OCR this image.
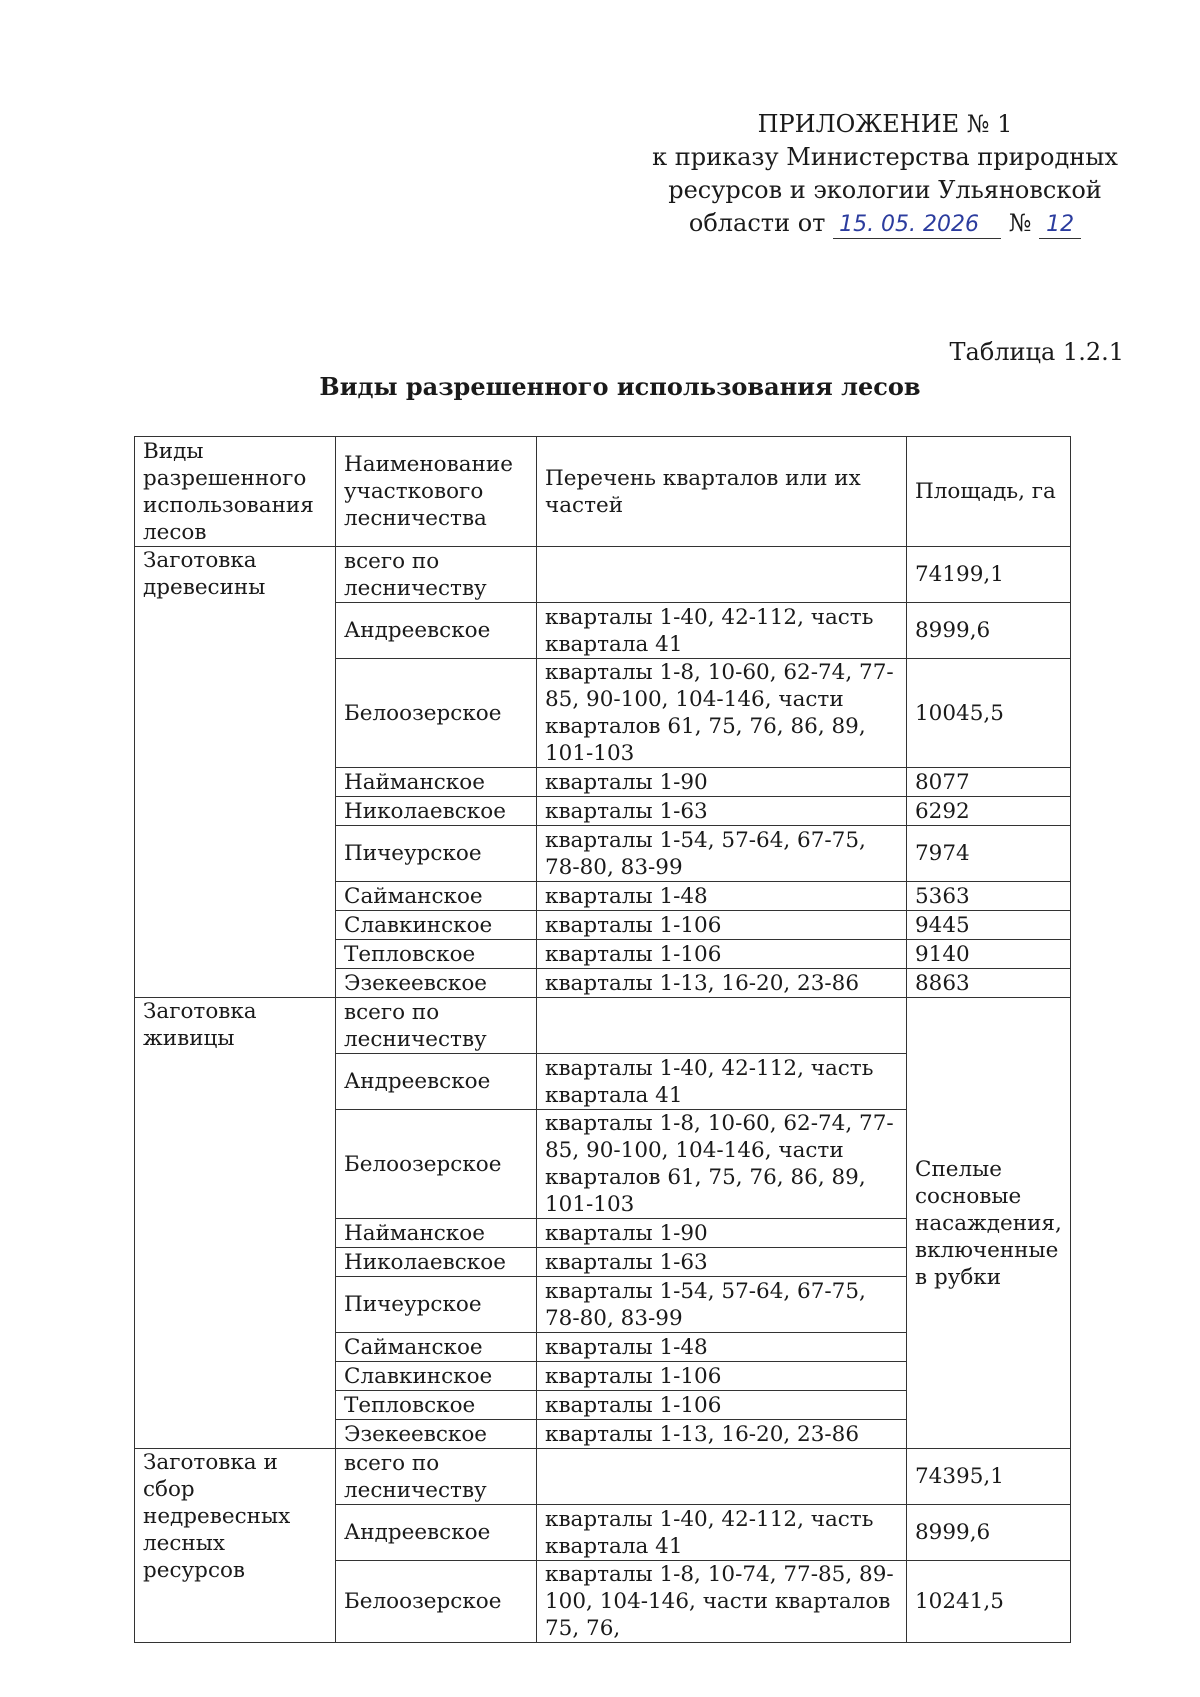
ПРИЛОЖЕНИЕ № 1
к приказу Министерства природных
ресурсов и экологии Ульяновской
области от 15. 05. 2026 № 12
Таблица 1.2.1
Виды разрешенного использования лесов
Виды разрешенного использования лесов	Наименование участкового лесничества	Перечень кварталов или их частей	Площадь, га
Заготовка древесины	всего по лесничеству		74199,1
	Андреевское	кварталы 1-40, 42-112, часть квартала 41	8999,6
	Белоозерское	кварталы 1-8, 10-60, 62-74, 77-85, 90-100, 104-146, части кварталов 61, 75, 76, 86, 89, 101-103	10045,5
	Найманское	кварталы 1-90	8077
	Николаевское	кварталы 1-63	6292
	Пичеурское	кварталы 1-54, 57-64, 67-75, 78-80, 83-99	7974
	Сайманское	кварталы 1-48	5363
	Славкинское	кварталы 1-106	9445
	Тепловское	кварталы 1-106	9140
	Эзекеевское	кварталы 1-13, 16-20, 23-86	8863
Заготовка живицы	всего по лесничеству		Спелые сосновые насаждения, включенные в рубки
	Андреевское	кварталы 1-40, 42-112, часть квартала 41	
	Белоозерское	кварталы 1-8, 10-60, 62-74, 77-85, 90-100, 104-146, части кварталов 61, 75, 76, 86, 89, 101-103	
	Найманское	кварталы 1-90	
	Николаевское	кварталы 1-63	
	Пичеурское	кварталы 1-54, 57-64, 67-75, 78-80, 83-99	
	Сайманское	кварталы 1-48	
	Славкинское	кварталы 1-106	
	Тепловское	кварталы 1-106	
	Эзекеевское	кварталы 1-13, 16-20, 23-86	
Заготовка и сбор недревесных лесных ресурсов	всего по лесничеству		74395,1
	Андреевское	кварталы 1-40, 42-112, часть квартала 41	8999,6
	Белоозерское	кварталы 1-8, 10-74, 77-85, 89-100, 104-146, части кварталов 75, 76,	10241,5
